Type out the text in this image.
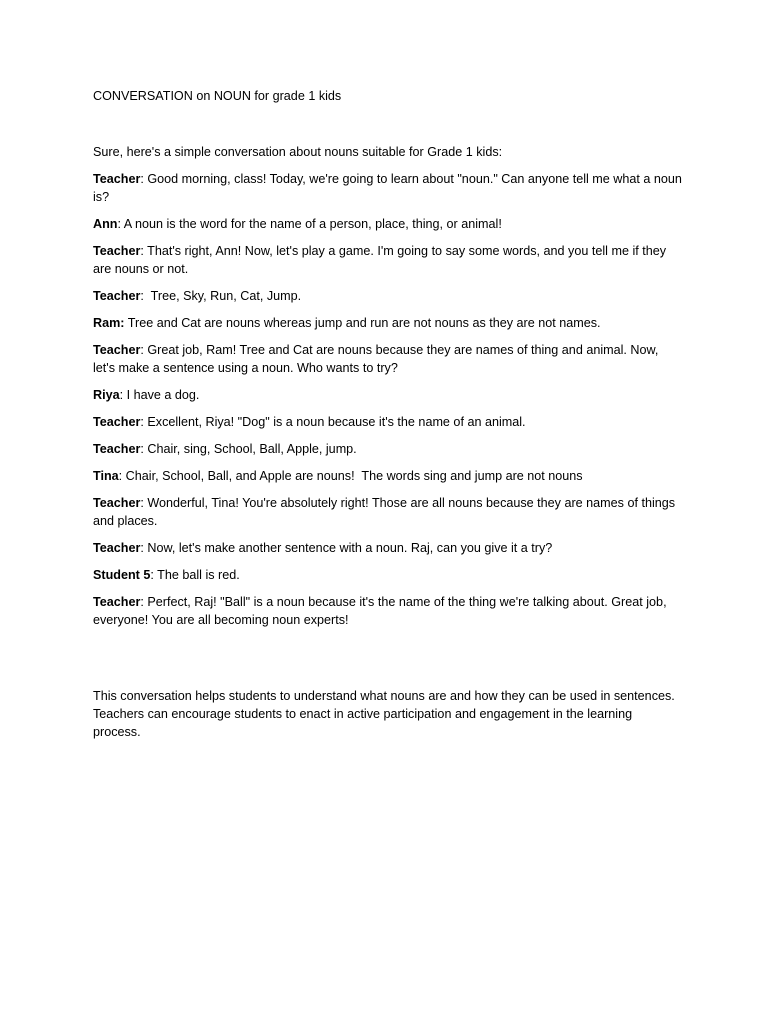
CONVERSATION on NOUN for grade 1 kids

Sure, here's a simple conversation about nouns suitable for Grade 1 kids:

Teacher: Good morning, class! Today, we're going to learn about "noun." Can anyone tell me what a noun is?

Ann: A noun is the word for the name of a person, place, thing, or animal!

Teacher: That's right, Ann! Now, let's play a game. I'm going to say some words, and you tell me if they are nouns or not.

Teacher:  Tree, Sky, Run, Cat, Jump.

Ram: Tree and Cat are nouns whereas jump and run are not nouns as they are not names.

Teacher: Great job, Ram! Tree and Cat are nouns because they are names of thing and animal. Now, let's make a sentence using a noun. Who wants to try?

Riya: I have a dog.

Teacher: Excellent, Riya! "Dog" is a noun because it's the name of an animal.

Teacher: Chair, sing, School, Ball, Apple, jump.

Tina: Chair, School, Ball, and Apple are nouns!  The words sing and jump are not nouns

Teacher: Wonderful, Tina! You're absolutely right! Those are all nouns because they are names of things and places.

Teacher: Now, let's make another sentence with a noun. Raj, can you give it a try?

Student 5: The ball is red.

Teacher: Perfect, Raj! "Ball" is a noun because it's the name of the thing we're talking about. Great job, everyone! You are all becoming noun experts!

This conversation helps students to understand what nouns are and how they can be used in sentences. Teachers can encourage students to enact in active participation and engagement in the learning process.
